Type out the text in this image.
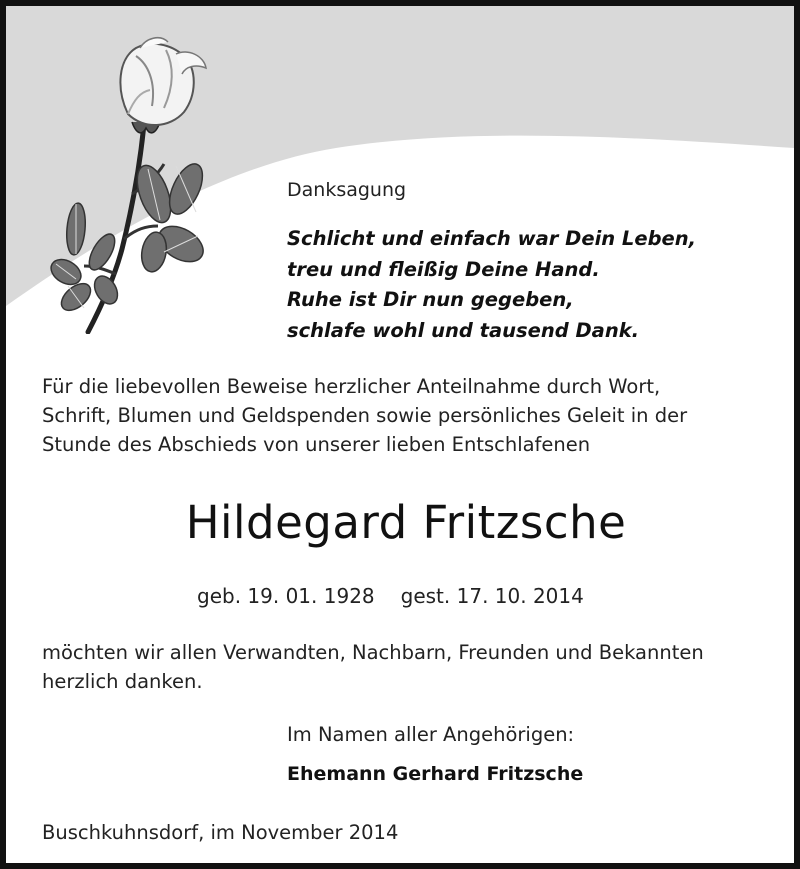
Danksagung

Schlicht und einfach war Dein Leben,
treu und fleißig Deine Hand.
Ruhe ist Dir nun gegeben,
schlafe wohl und tausend Dank.
Für die liebevollen Beweise herzlicher Anteilnahme durch Wort,
Schrift, Blumen und Geldspenden sowie persönliches Geleit in der
Stunde des Abschieds von unserer lieben Entschlafenen

Hildegard Fritzsche

geb. 19. 01. 1928 gest. 17. 10. 2014

möchten wir allen Verwandten, Nachbarn, Freunden und Bekannten
herzlich danken.

Im Namen aller Angehörigen:

Ehemann Gerhard Fritzsche

Buschkuhnsdorf, im November 2014
